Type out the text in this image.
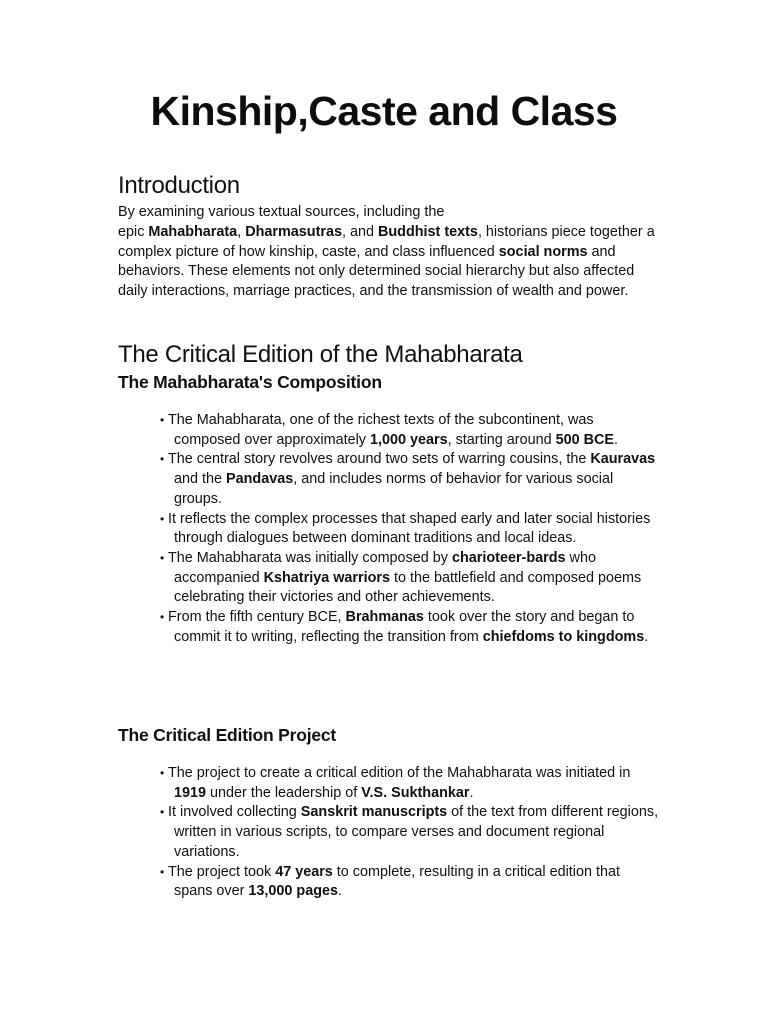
Kinship,Caste and Class
Introduction

By examining various textual sources, including the
epic Mahabharata, Dharmasutras, and Buddhist texts, historians piece together a complex picture of how kinship, caste, and class influenced social norms and behaviors. These elements not only determined social hierarchy but also affected daily interactions, marriage practices, and the transmission of wealth and power.

The Critical Edition of the Mahabharata
The Mahabharata's Composition
• The Mahabharata, one of the richest texts of the subcontinent, was composed over approximately 1,000 years, starting around 500 BCE.
• The central story revolves around two sets of warring cousins, the Kauravas and the Pandavas, and includes norms of behavior for various social groups.
• It reflects the complex processes that shaped early and later social histories through dialogues between dominant traditions and local ideas.
• The Mahabharata was initially composed by charioteer-bards who accompanied Kshatriya warriors to the battlefield and composed poems celebrating their victories and other achievements.
• From the fifth century BCE, Brahmanas took over the story and began to commit it to writing, reflecting the transition from chiefdoms to kingdoms.
The Critical Edition Project
• The project to create a critical edition of the Mahabharata was initiated in 1919 under the leadership of V.S. Sukthankar.
• It involved collecting Sanskrit manuscripts of the text from different regions, written in various scripts, to compare verses and document regional variations.
• The project took 47 years to complete, resulting in a critical edition that spans over 13,000 pages.
